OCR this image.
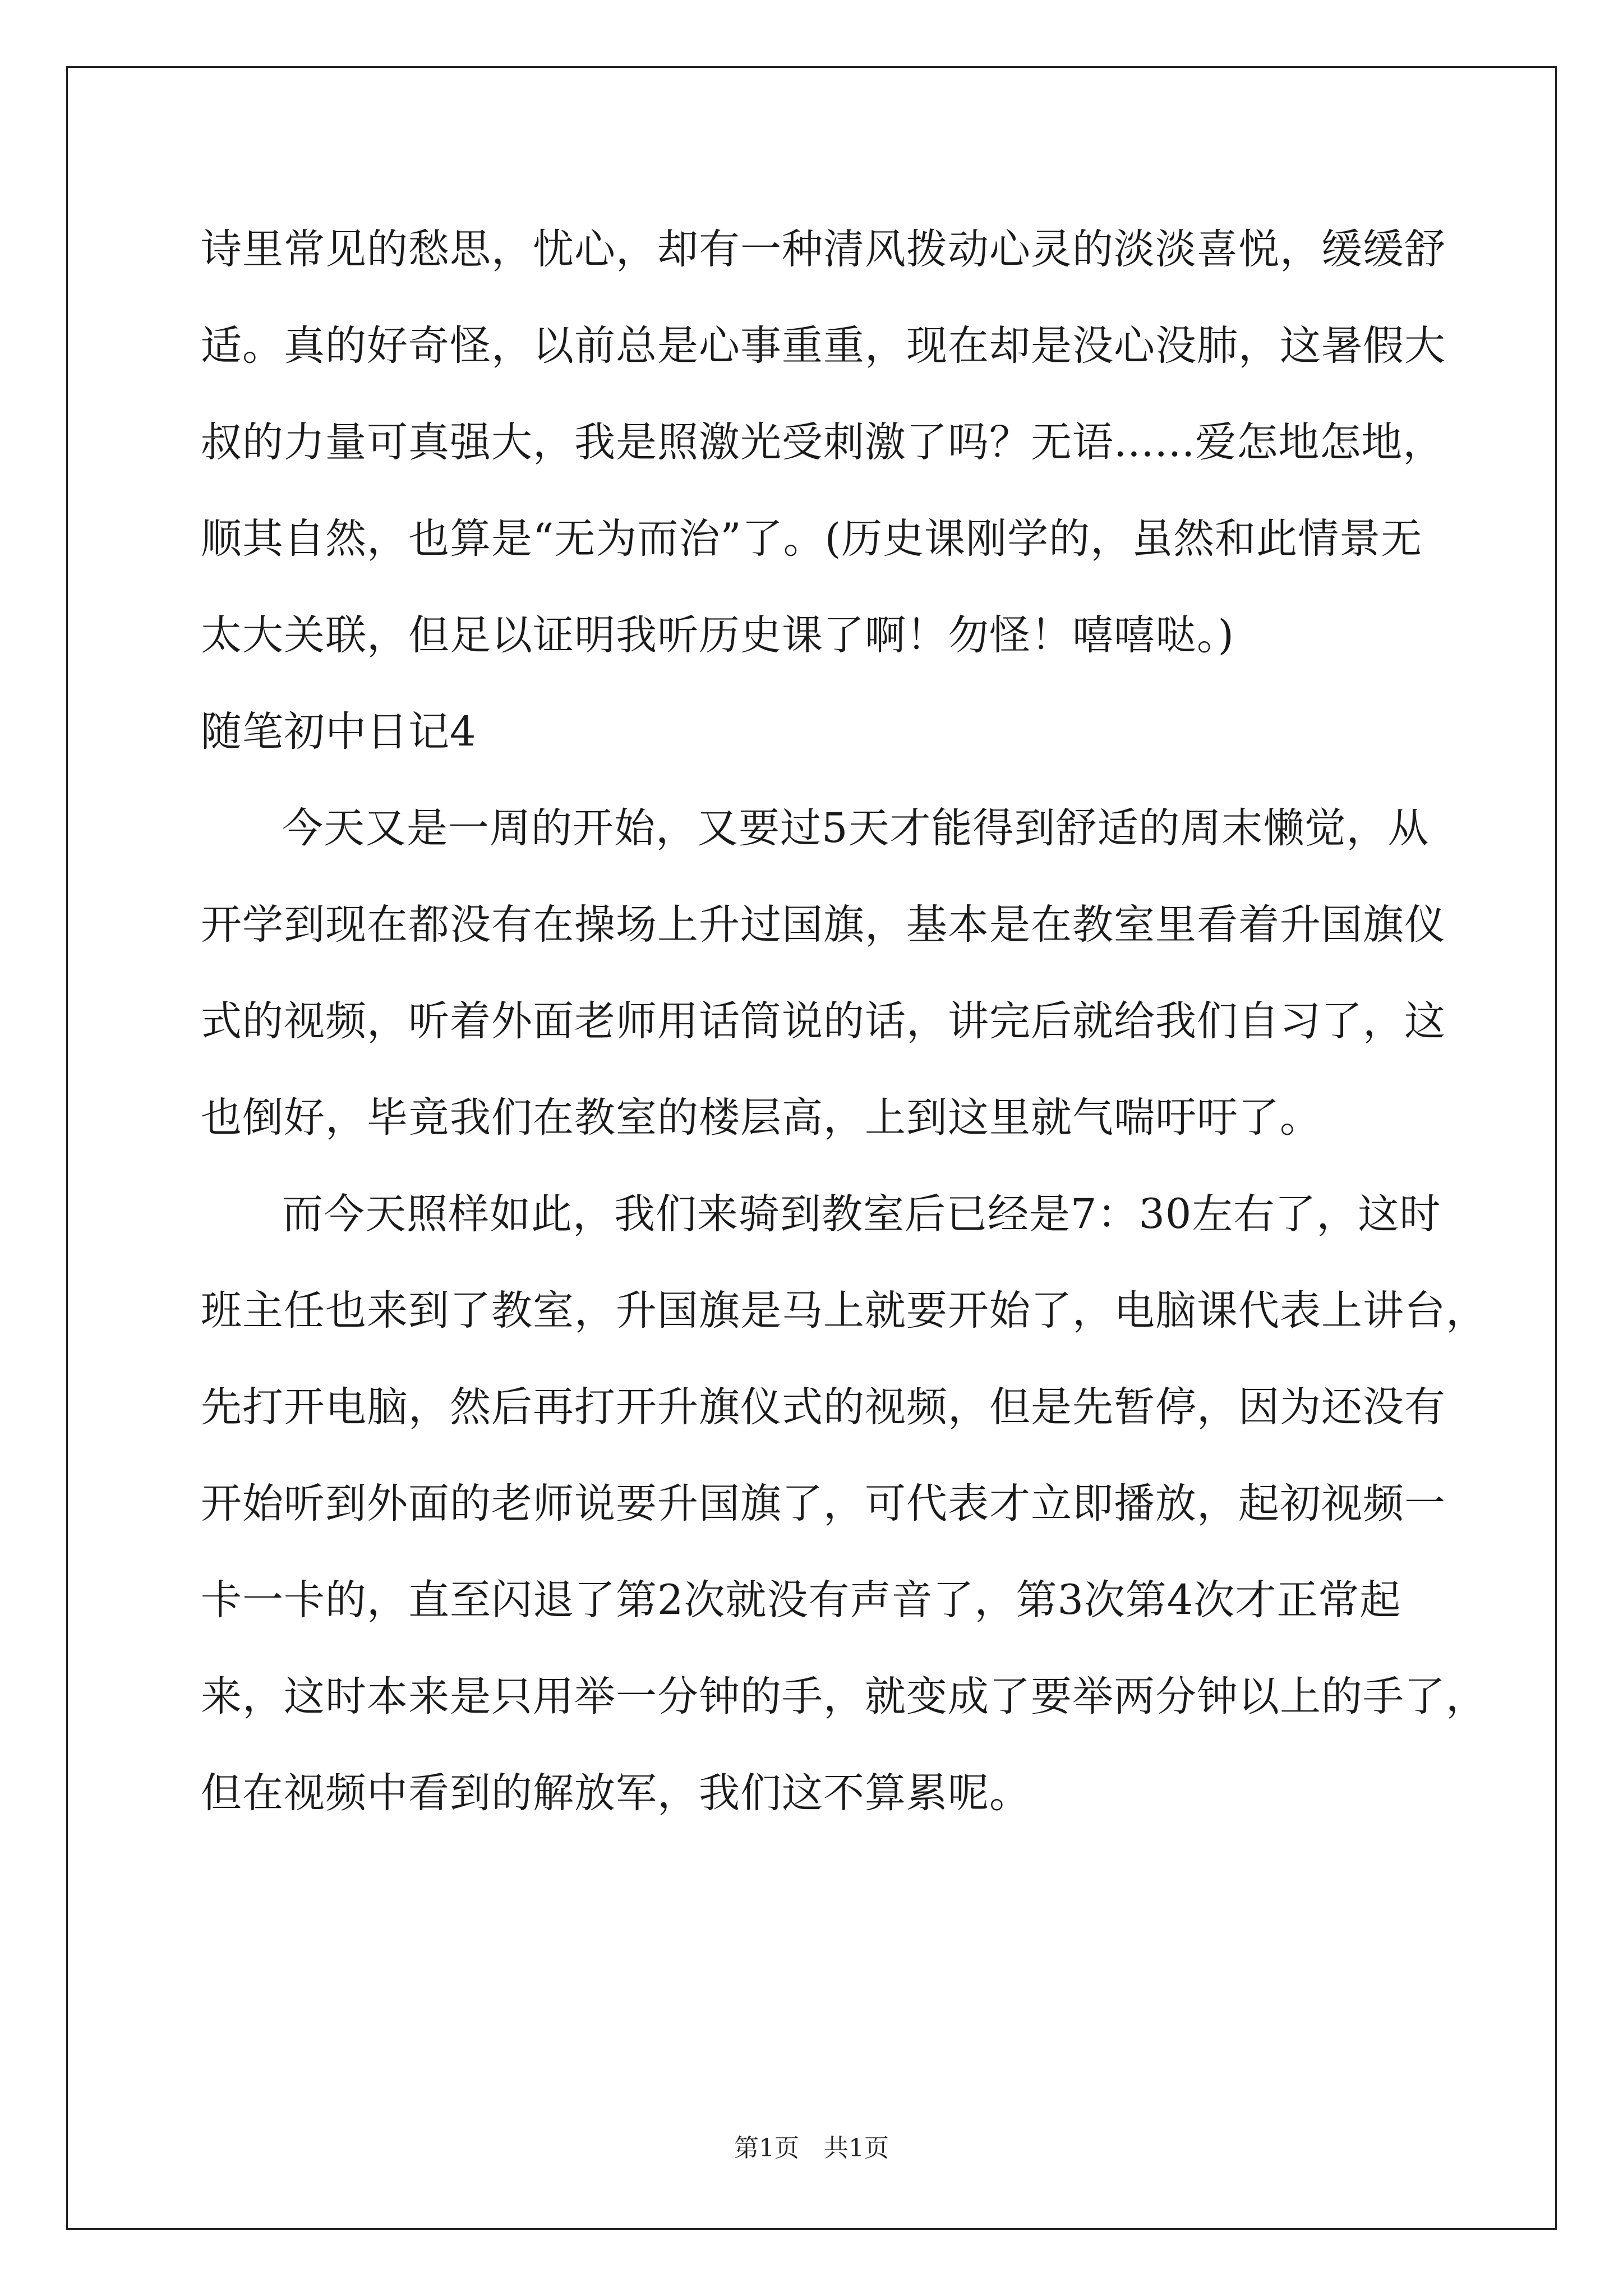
诗里常见的愁思，忧心，却有一种清风拨动心灵的淡淡喜悦，缓缓舒
适。真的好奇怪，以前总是心事重重，现在却是没心没肺，这暑假大
叔的力量可真强大，我是照激光受刺激了吗？无语......爱怎地怎地，
顺其自然，也算是“无为而治”了。(历史课刚学的，虽然和此情景无
太大关联，但足以证明我听历史课了啊！勿怪！嘻嘻哒。)
随笔初中日记4
今天又是一周的开始，又要过5天才能得到舒适的周末懒觉，从
开学到现在都没有在操场上升过国旗，基本是在教室里看着升国旗仪
式的视频，听着外面老师用话筒说的话，讲完后就给我们自习了，这
也倒好，毕竟我们在教室的楼层高，上到这里就气喘吁吁了。
而今天照样如此，我们来骑到教室后已经是7：30左右了，这时
班主任也来到了教室，升国旗是马上就要开始了，电脑课代表上讲台，
先打开电脑，然后再打开升旗仪式的视频，但是先暂停，因为还没有
开始听到外面的老师说要升国旗了，可代表才立即播放，起初视频一
卡一卡的，直至闪退了第2次就没有声音了，第3次第4次才正常起
来，这时本来是只用举一分钟的手，就变成了要举两分钟以上的手了，
但在视频中看到的解放军，我们这不算累呢。
第1页　共1页
